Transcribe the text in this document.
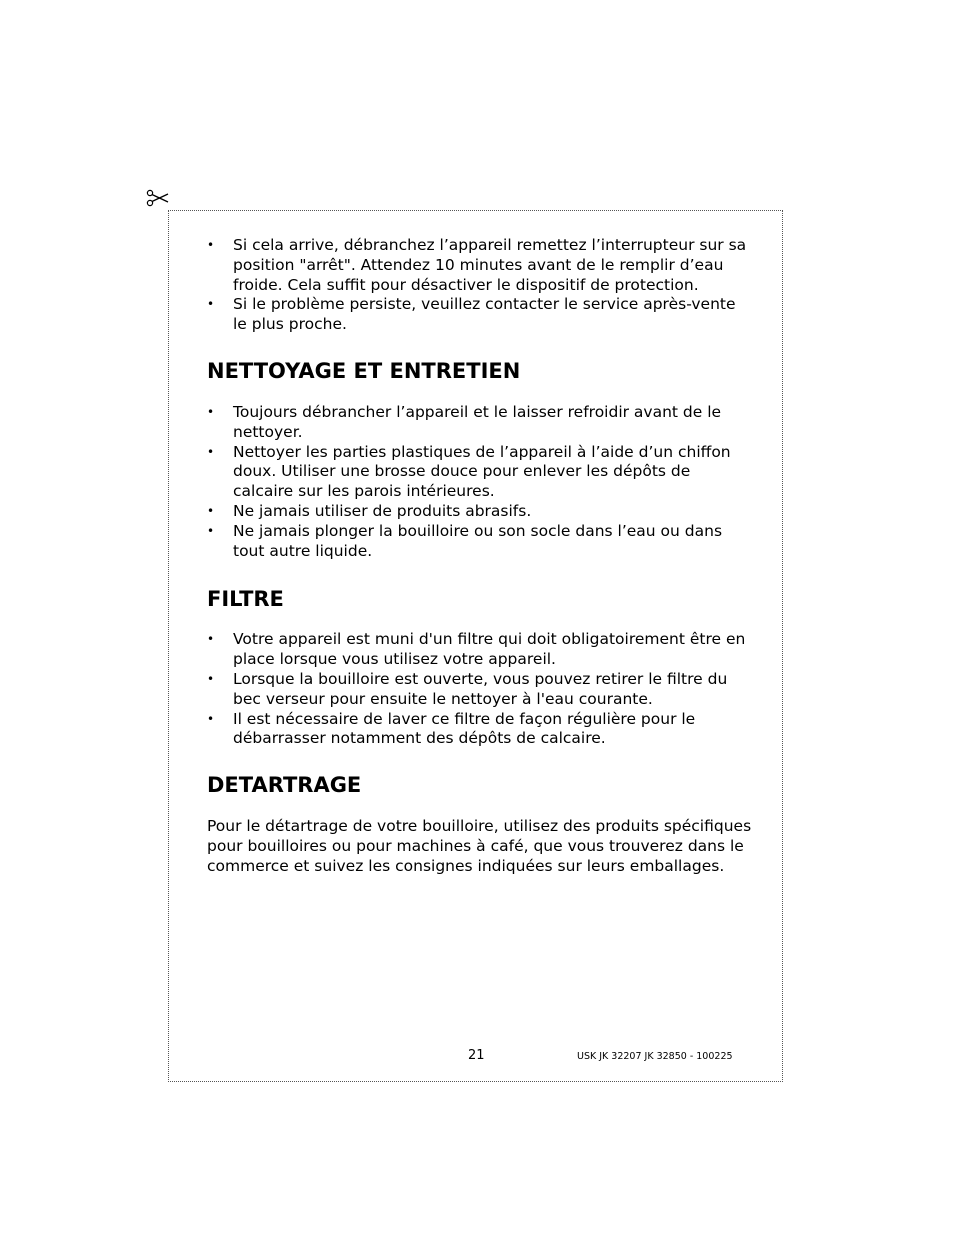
• Si cela arrive, débranchez l’appareil remettez l’interrupteur sur sa position "arrêt". Attendez 10 minutes avant de le remplir d’eau froide. Cela suffit pour désactiver le dispositif de protection.
• Si le problème persiste, veuillez contacter le service après-vente le plus proche.
NETTOYAGE ET ENTRETIEN
• Toujours débrancher l’appareil et le laisser refroidir avant de le nettoyer.
• Nettoyer les parties plastiques de l’appareil à l’aide d’un chiffon doux. Utiliser une brosse douce pour enlever les dépôts de calcaire sur les parois intérieures.
• Ne jamais utiliser de produits abrasifs.
• Ne jamais plonger la bouilloire ou son socle dans l’eau ou dans tout autre liquide.
FILTRE
• Votre appareil est muni d'un filtre qui doit obligatoirement être en place lorsque vous utilisez votre appareil.
• Lorsque la bouilloire est ouverte, vous pouvez retirer le filtre du bec verseur pour ensuite le nettoyer à l'eau courante.
• Il est nécessaire de laver ce filtre de façon régulière pour le débarrasser notamment des dépôts de calcaire.
DETARTRAGE

Pour le détartrage de votre bouilloire, utilisez des produits spécifiques pour bouilloires ou pour machines à café, que vous trouverez dans le commerce et suivez les consignes indiquées sur leurs emballages.

21	USK JK 32207 JK 32850 - 100225
